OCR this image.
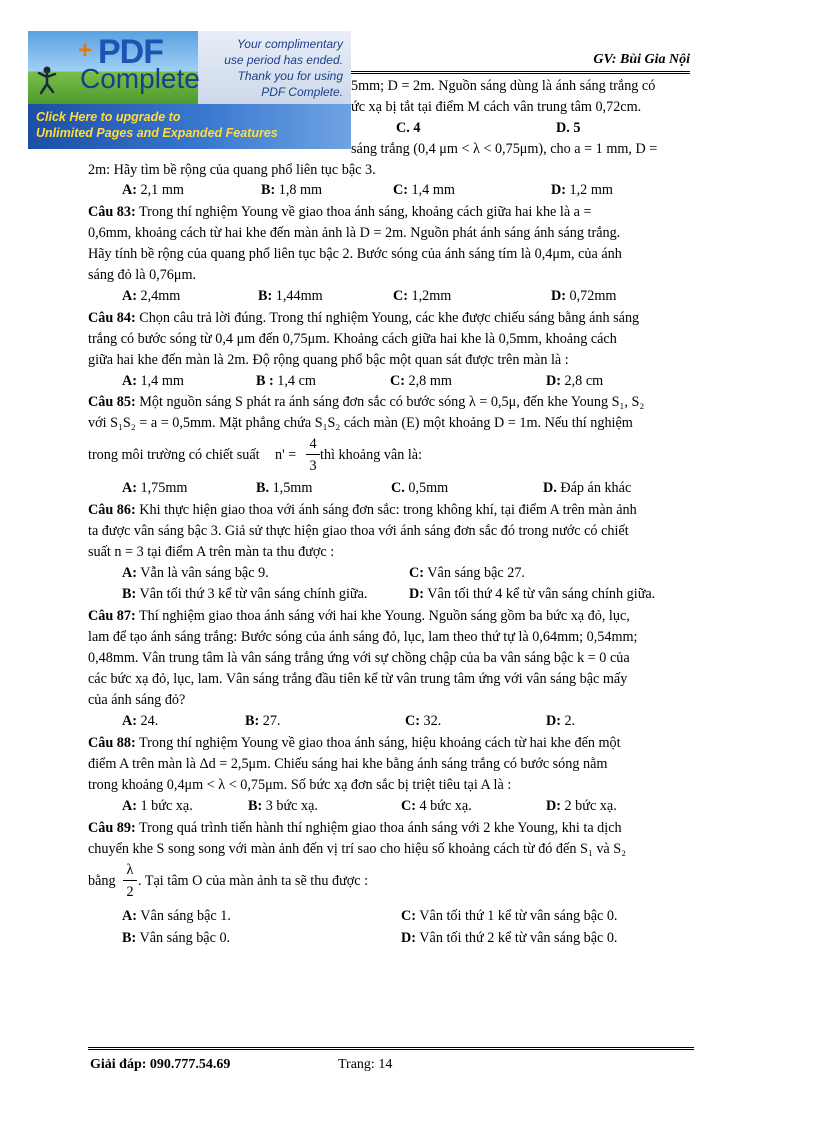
GV: Bùi Gia Nội
5mm; D = 2m. Nguồn sáng dùng là ánh sáng trắng có
ức xạ bị tắt tại điểm M cách vân trung tâm 0,72cm.
C. 4	D. 5
sáng trắng (0,4 μm < λ < 0,75μm), cho a = 1 mm, D =
2m: Hãy tìm bề rộng của quang phổ liên tục bậc 3.
A: 2,1 mm	B: 1,8 mm	C: 1,4 mm	D: 1,2 mm
Câu 83: Trong thí nghiệm Young về giao thoa ánh sáng, khoảng cách giữa hai khe là a =
0,6mm, khoảng cách từ hai khe đến màn ảnh là D = 2m. Nguồn phát ánh sáng ánh sáng trắng.
Hãy tính bề rộng của quang phổ liên tục bậc 2. Bước sóng của ánh sáng tím là 0,4μm, của ánh
sáng đỏ là 0,76μm.
A: 2,4mm	B: 1,44mm	C: 1,2mm	D: 0,72mm
Câu 84: Chọn câu trả lời đúng. Trong thí nghiệm Young, các khe được chiếu sáng bằng ánh sáng
trắng có bước sóng từ 0,4 μm đến 0,75μm. Khoảng cách giữa hai khe là 0,5mm, khoảng cách
giữa hai khe đến màn là 2m. Độ rộng quang phổ bậc một quan sát được trên màn là :
A: 1,4 mm	B : 1,4 cm	C: 2,8 mm	D: 2,8 cm
Câu 85: Một nguồn sáng S phát ra ánh sáng đơn sắc có bước sóng λ = 0,5μ, đến khe Young S₁, S₂
với S₁S₂ = a = 0,5mm. Mặt phẳng chứa S₁S₂ cách màn (E) một khoảng D = 1m. Nếu thí nghiệm
trong môi trường có chiết suất n' =
4
3
thì khoảng vân là:
A: 1,75mm	B. 1,5mm	C. 0,5mm	D. Đáp án khác
Câu 86: Khi thực hiện giao thoa với ánh sáng đơn sắc: trong không khí, tại điểm A trên màn ảnh
ta được vân sáng bậc 3. Giả sử thực hiện giao thoa với ánh sáng đơn sắc đó trong nước có chiết
suất n = 3 tại điểm A trên màn ta thu được :
A: Vẫn là vân sáng bậc 9.	C: Vân sáng bậc 27.
B: Vân tối thứ 3 kể từ vân sáng chính giữa.	D: Vân tối thứ 4 kể từ vân sáng chính giữa.
Câu 87: Thí nghiệm giao thoa ánh sáng với hai khe Young. Nguồn sáng gồm ba bức xạ đỏ, lục,
lam để tạo ánh sáng trắng: Bước sóng của ánh sáng đỏ, lục, lam theo thứ tự là 0,64mm; 0,54mm;
0,48mm. Vân trung tâm là vân sáng trắng ứng với sự chồng chập của ba vân sáng bậc k = 0 của
các bức xạ đỏ, lục, lam. Vân sáng trắng đầu tiên kể từ vân trung tâm ứng với vân sáng bậc mấy
của ánh sáng đỏ?
A: 24.	B: 27.	C: 32.	D: 2.
Câu 88: Trong thí nghiệm Young về giao thoa ánh sáng, hiệu khoảng cách từ hai khe đến một
điểm A trên màn là Δd = 2,5μm. Chiếu sáng hai khe bằng ánh sáng trắng có bước sóng nằm
trong khoảng 0,4μm < λ < 0,75μm. Số bức xạ đơn sắc bị triệt tiêu tại A là :
A: 1 bức xạ.	B: 3 bức xạ.	C: 4 bức xạ.	D: 2 bức xạ.
Câu 89: Trong quá trình tiến hành thí nghiệm giao thoa ánh sáng với 2 khe Young, khi ta dịch
chuyển khe S song song với màn ảnh đến vị trí sao cho hiệu số khoảng cách từ đó đến S₁ và S₂
bằng
λ
2
. Tại tâm O của màn ảnh ta sẽ thu được :
A: Vân sáng bậc 1.	C: Vân tối thứ 1 kể từ vân sáng bậc 0.
B: Vân sáng bậc 0.	D: Vân tối thứ 2 kể từ vân sáng bậc 0.
Giải đáp: 090.777.54.69	Trang: 14
+ PDF
Complete
Your complimentary
use period has ended.
Thank you for using
PDF Complete.
Click Here to upgrade to
Unlimited Pages and Expanded Features
